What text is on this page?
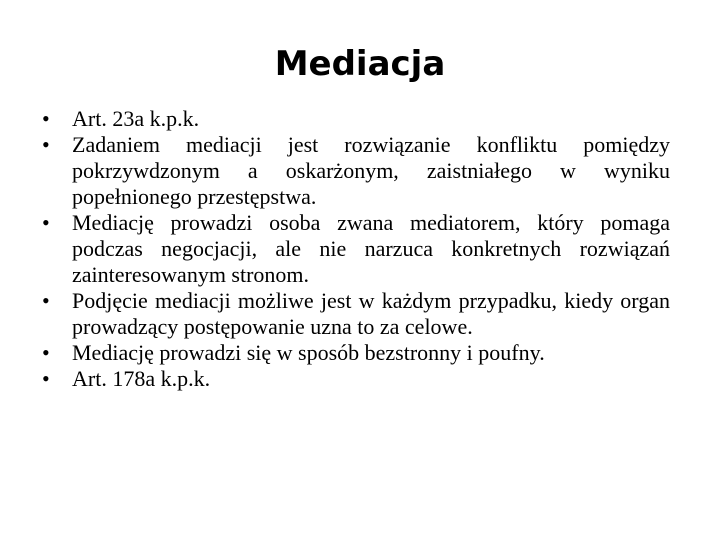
Mediacja
•	Art. 23a k.p.k.
•	Zadaniem mediacji jest rozwiązanie konfliktu pomiędzy pokrzywdzonym a oskarżonym, zaistniałego w wyniku popełnionego przestępstwa.
•	Mediację prowadzi osoba zwana mediatorem, który pomaga podczas negocjacji, ale nie narzuca konkretnych rozwiązań zainteresowanym stronom.
•	Podjęcie mediacji możliwe jest w każdym przypadku, kiedy organ prowadzący postępowanie uzna to za celowe.
•	Mediację prowadzi się w sposób bezstronny i poufny.
•	Art. 178a k.p.k.
